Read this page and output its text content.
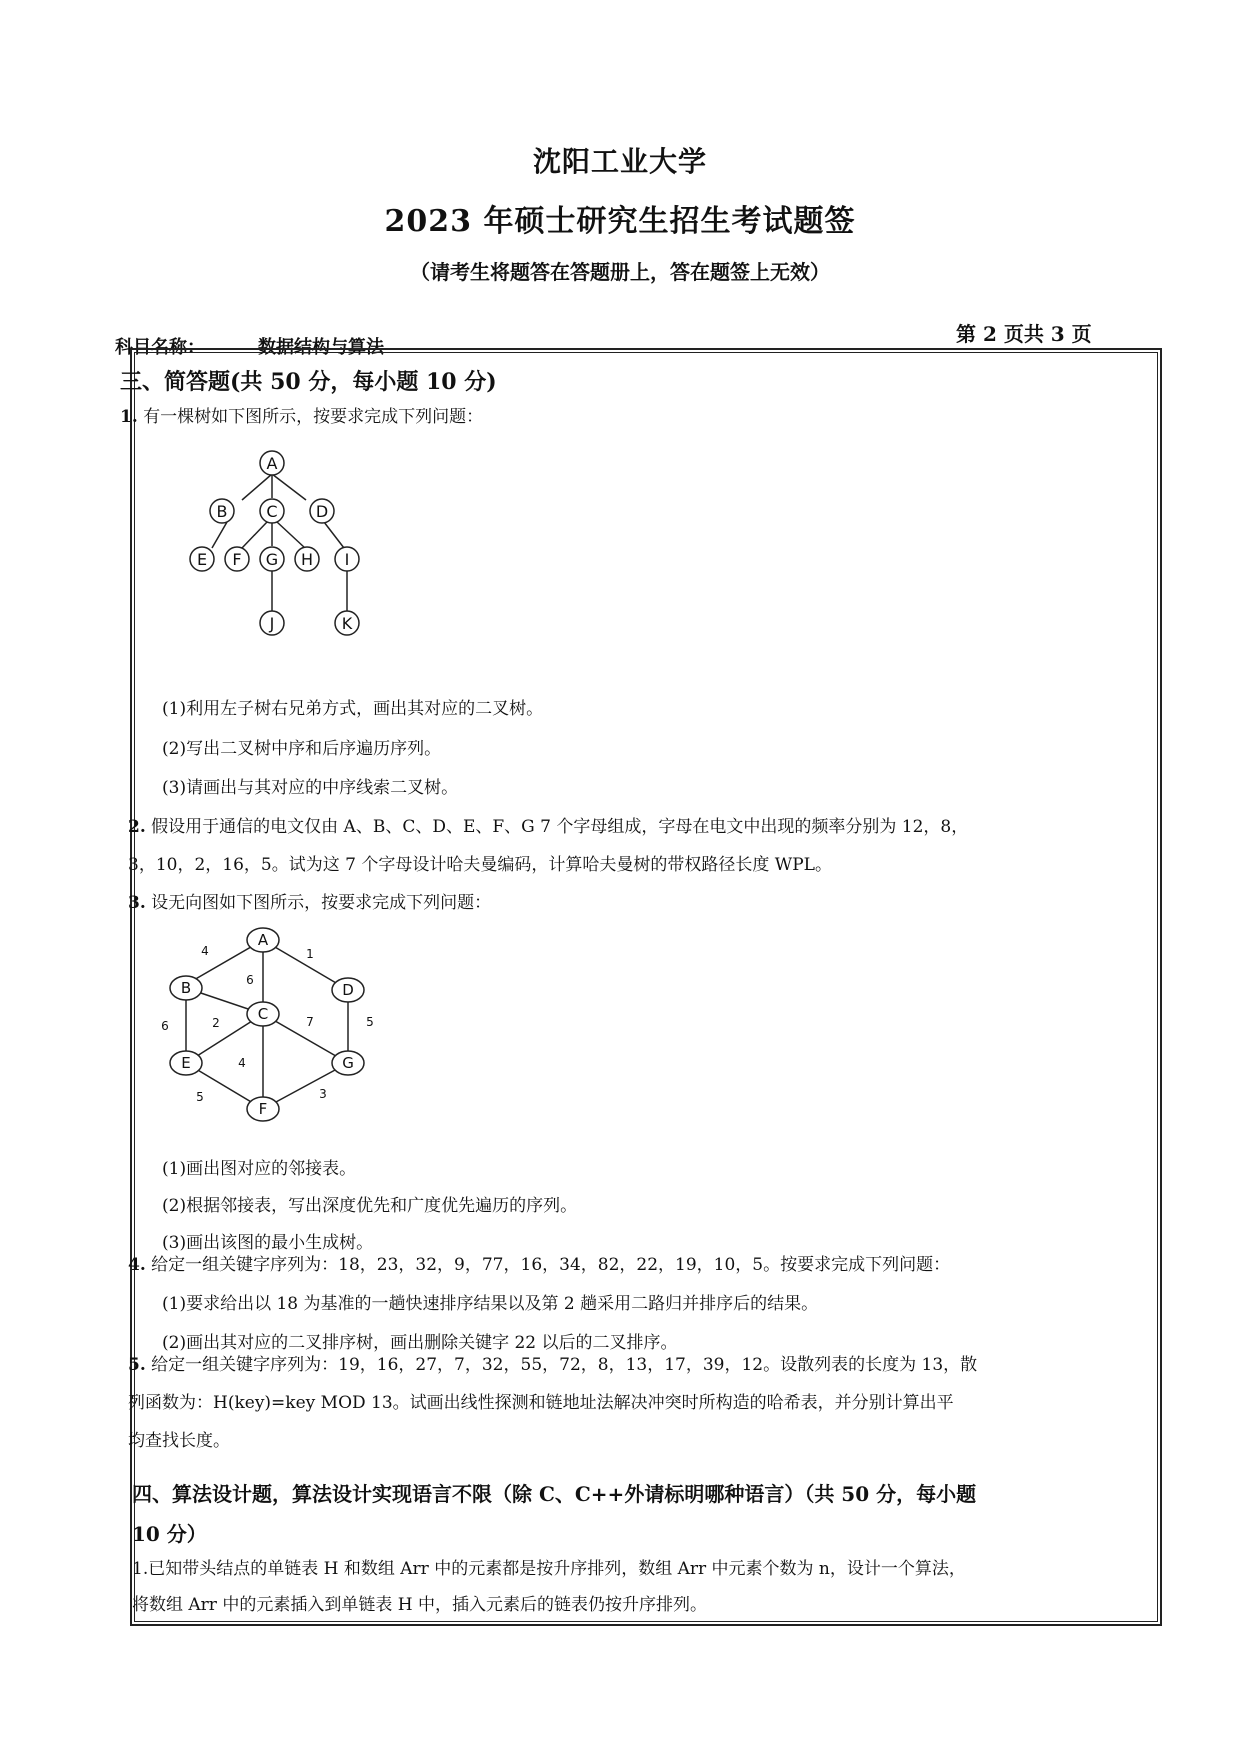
沈阳工业大学
2023 年硕士研究生招生考试题签
（请考生将题答在答题册上，答在题签上无效）
科目名称：	数据结构与算法
第 2 页共 3 页
三、简答题(共 50 分，每小题 10 分)
1. 有一棵树如下图所示，按要求完成下列问题：
A
B C D
E F G H I
J	K
(1)利用左子树右兄弟方式，画出其对应的二叉树。
(2)写出二叉树中序和后序遍历序列。
(3)请画出与其对应的中序线索二叉树。
2. 假设用于通信的电文仅由 A、B、C、D、E、F、G 7 个字母组成，字母在电文中出现的频率分别为 12，8，
3，10，2，16，5。试为这 7 个字母设计哈夫曼编码，计算哈夫曼树的带权路径长度 WPL。
3. 设无向图如下图所示，按要求完成下列问题：
A
B
C
D
E
F
G
4	1
6
6	2	7
4
5
5	3
(1)画出图对应的邻接表。
(2)根据邻接表，写出深度优先和广度优先遍历的序列。
(3)画出该图的最小生成树。
4. 给定一组关键字序列为：18，23，32，9，77，16，34，82，22，19，10，5。按要求完成下列问题：
(1)要求给出以 18 为基准的一趟快速排序结果以及第 2 趟采用二路归并排序后的结果。
(2)画出其对应的二叉排序树，画出删除关键字 22 以后的二叉排序。
5. 给定一组关键字序列为：19，16，27，7，32，55，72，8，13，17，39，12。设散列表的长度为 13，散
列函数为：H(key)=key MOD 13。试画出线性探测和链地址法解决冲突时所构造的哈希表，并分别计算出平
均查找长度。
四、算法设计题，算法设计实现语言不限（除 C、C++外请标明哪种语言）（共 50 分，每小题
10 分）
1.已知带头结点的单链表 H 和数组 Arr 中的元素都是按升序排列，数组 Arr 中元素个数为 n，设计一个算法，
将数组 Arr 中的元素插入到单链表 H 中，插入元素后的链表仍按升序排列。
